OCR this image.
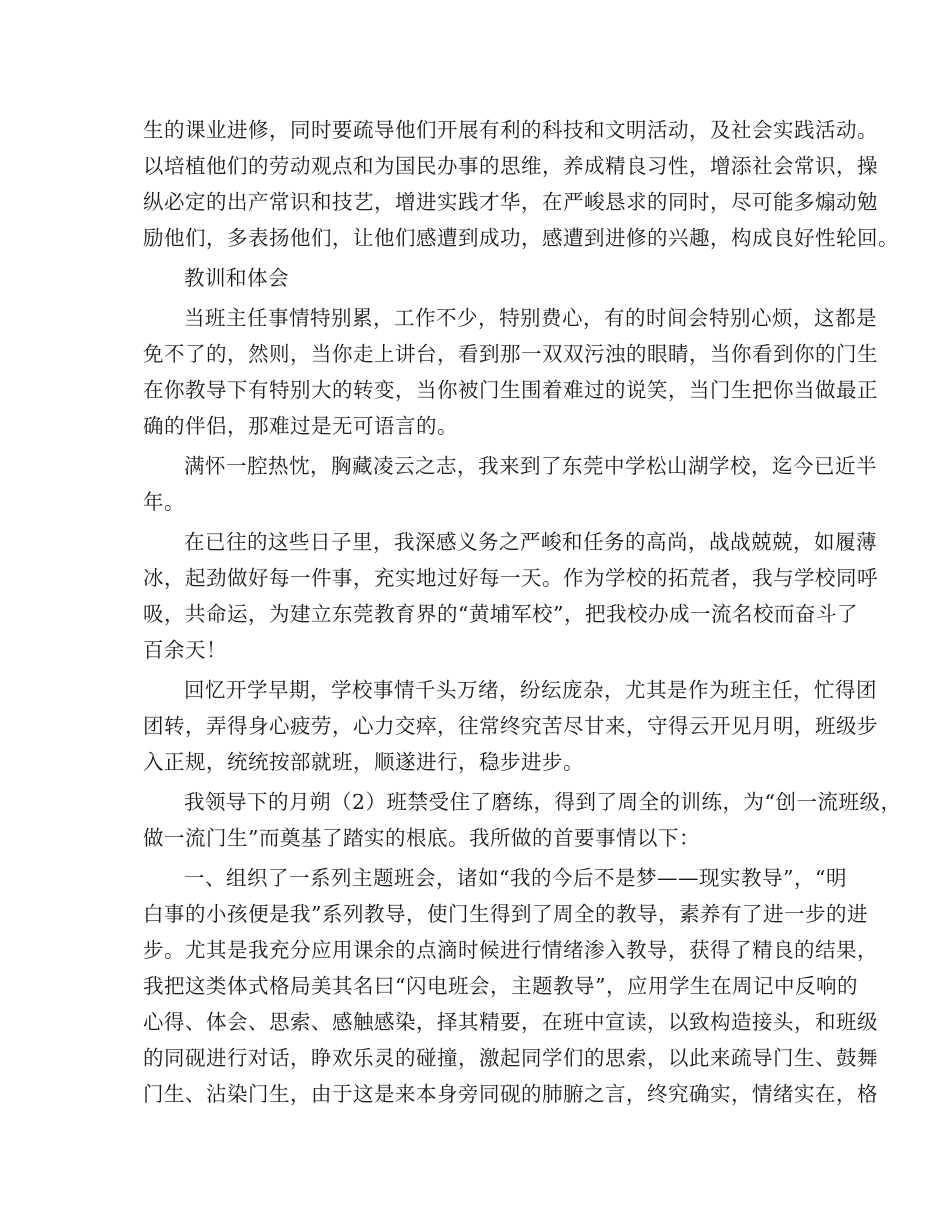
生的课业进修，同时要疏导他们开展有利的科技和文明活动，及社会实践活动。
以培植他们的劳动观点和为国民办事的思维，养成精良习性，增添社会常识，操
纵必定的出产常识和技艺，增进实践才华，在严峻恳求的同时，尽可能多煽动勉
励他们，多表扬他们，让他们感遭到成功，感遭到进修的兴趣，构成良好性轮回。
教训和体会
当班主任事情特别累，工作不少，特别费心，有的时间会特别心烦，这都是
免不了的，然则，当你走上讲台，看到那一双双污浊的眼睛，当你看到你的门生
在你教导下有特别大的转变，当你被门生围着难过的说笑，当门生把你当做最正
确的伴侣，那难过是无可语言的。
满怀一腔热忱，胸藏凌云之志，我来到了东莞中学松山湖学校，迄今已近半
年。
在已往的这些日子里，我深感义务之严峻和任务的高尚，战战兢兢，如履薄
冰，起劲做好每一件事，充实地过好每一天。作为学校的拓荒者，我与学校同呼
吸，共命运，为建立东莞教育界的“黄埔军校”，把我校办成一流名校而奋斗了
百余天！
回忆开学早期，学校事情千头万绪，纷纭庞杂，尤其是作为班主任，忙得团
团转，弄得身心疲劳，心力交瘁，往常终究苦尽甘来，守得云开见月明，班级步
入正规，统统按部就班，顺遂进行，稳步进步。
我领导下的月朔（2）班禁受住了磨练，得到了周全的训练，为“创一流班级，
做一流门生”而奠基了踏实的根底。我所做的首要事情以下：
一、组织了一系列主题班会，诸如“我的今后不是梦——现实教导”，“明
白事的小孩便是我”系列教导，使门生得到了周全的教导，素养有了进一步的进
步。尤其是我充分应用课余的点滴时候进行情绪渗入教导，获得了精良的结果，
我把这类体式格局美其名曰“闪电班会，主题教导”，应用学生在周记中反响的
心得、体会、思索、感触感染，择其精要，在班中宣读，以致构造接头，和班级
的同砚进行对话，睁欢乐灵的碰撞，激起同学们的思索，以此来疏导门生、鼓舞
门生、沾染门生，由于这是来本身旁同砚的肺腑之言，终究确实，情绪实在，格
